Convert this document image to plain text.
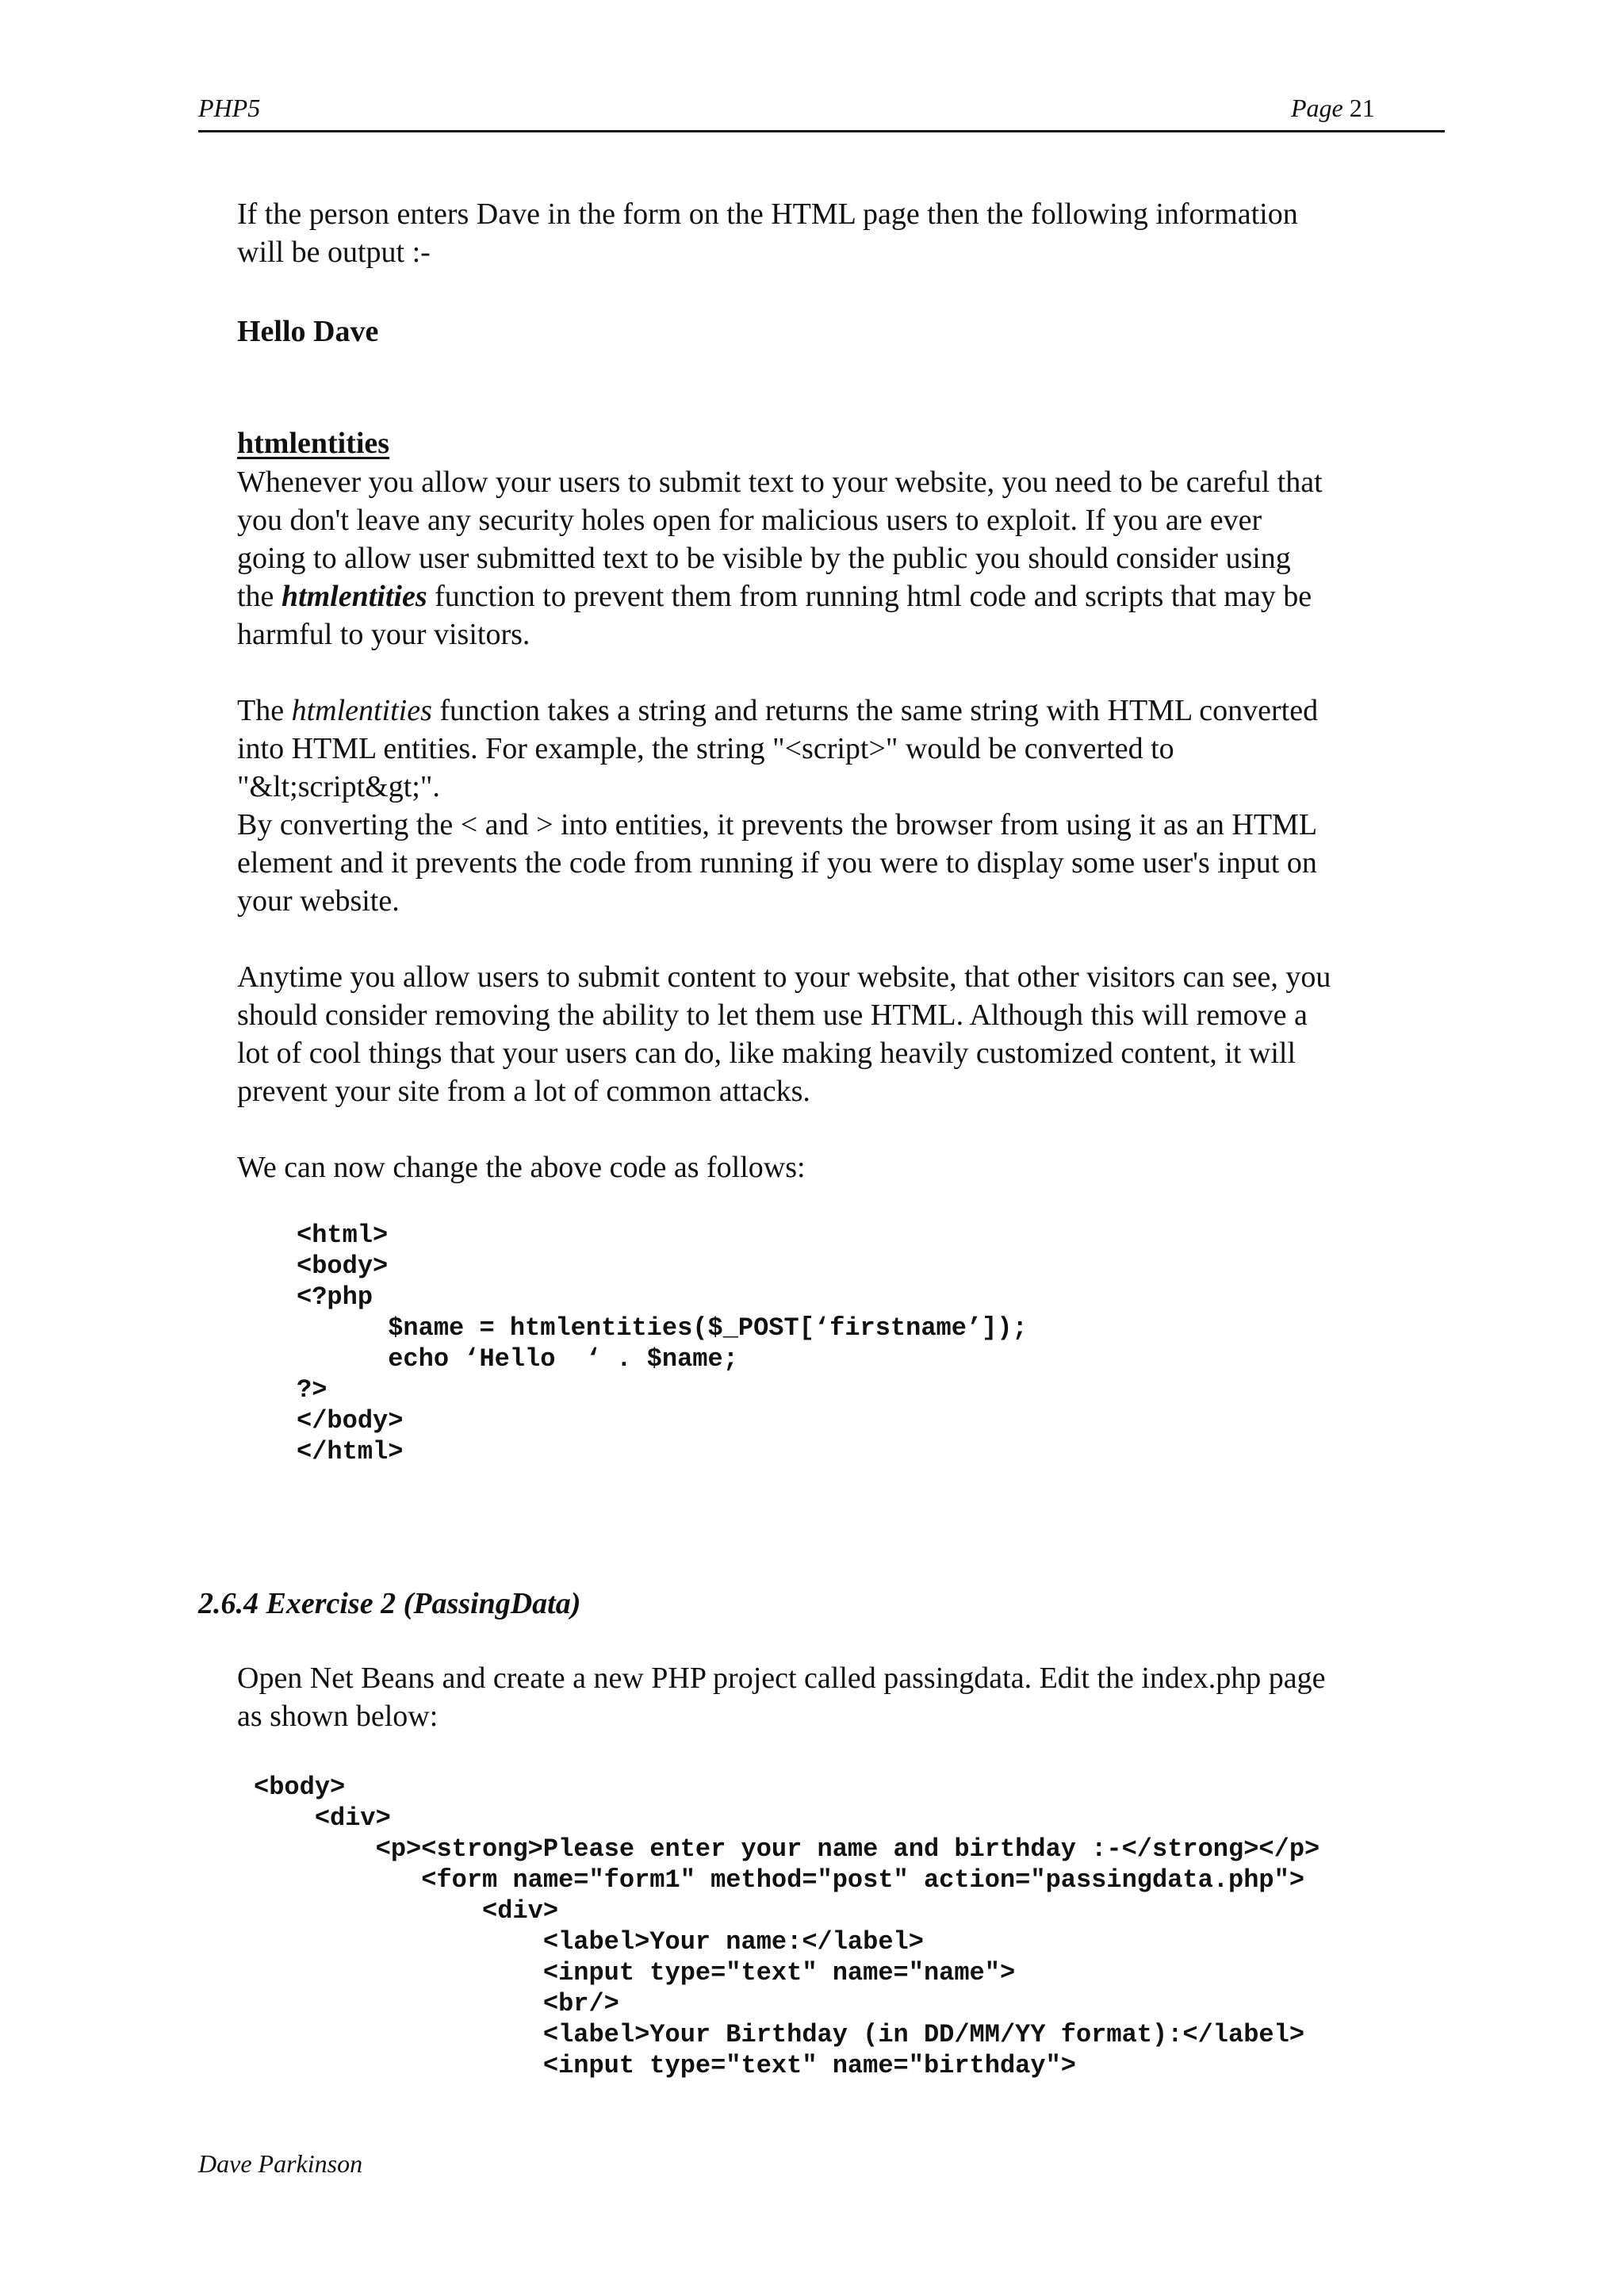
PHP5	Page 21

If the person enters Dave in the form on the HTML page then the following information
will be output :-

Hello Dave
htmlentities

Whenever you allow your users to submit text to your website, you need to be careful that
you don't leave any security holes open for malicious users to exploit. If you are ever
going to allow user submitted text to be visible by the public you should consider using
the htmlentities function to prevent them from running html code and scripts that may be
harmful to your visitors.

The htmlentities function takes a string and returns the same string with HTML converted
into HTML entities. For example, the string "<script>" would be converted to
"&lt;script&gt;".
By converting the < and > into entities, it prevents the browser from using it as an HTML
element and it prevents the code from running if you were to display some user's input on
your website.

Anytime you allow users to submit content to your website, that other visitors can see, you
should consider removing the ability to let them use HTML. Although this will remove a
lot of cool things that your users can do, like making heavily customized content, it will
prevent your site from a lot of common attacks.

We can now change the above code as follows:

<html>
<body>
<?php
$name = htmlentities($_POST[‘firstname’]);
echo ‘Hello  ‘ . $name;
?>
</body>
</html>
2.6.4 Exercise 2 (PassingData)

Open Net Beans and create a new PHP project called passingdata. Edit the index.php page
as shown below:

<body>
<div>
<p><strong>Please enter your name and birthday :-</strong></p>
<form name="form1" method="post" action="passingdata.php">
<div>
<label>Your name:</label>
<input type="text" name="name">
<br/>
<label>Your Birthday (in DD/MM/YY format):</label>
<input type="text" name="birthday">
Dave Parkinson
